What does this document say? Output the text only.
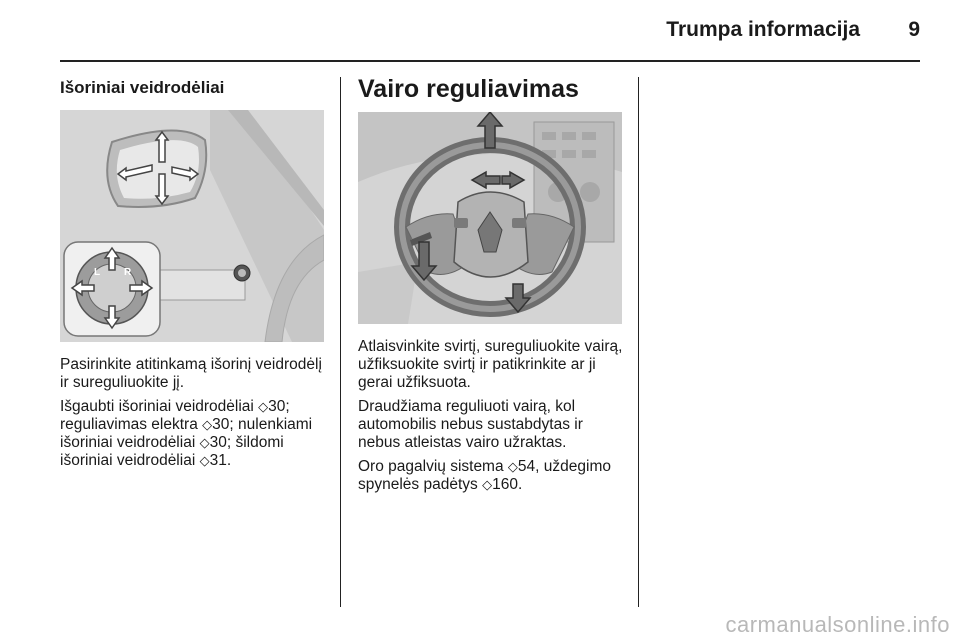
Trumpa informacija	9
Išoriniai veidrodėliai
L R

Pasirinkite atitinkamą išorinį veidrodėlį ir sureguliuokite jį.

Išgaubti išoriniai veidrodėliai ◇30; reguliavimas elektra ◇30; nulenkiami išoriniai veidrodėliai ◇30; šildomi išoriniai veidrodėliai ◇31.

Vairo reguliavimas

Atlaisvinkite svirtį, sureguliuokite vairą, užfiksuokite svirtį ir patikrinkite ar ji gerai užfiksuota.

Draudžiama reguliuoti vairą, kol automobilis nebus sustabdytas ir nebus atleistas vairo užraktas.

Oro pagalvių sistema ◇54, uždegimo spynelės padėtys ◇160.

carmanualsonline.info
